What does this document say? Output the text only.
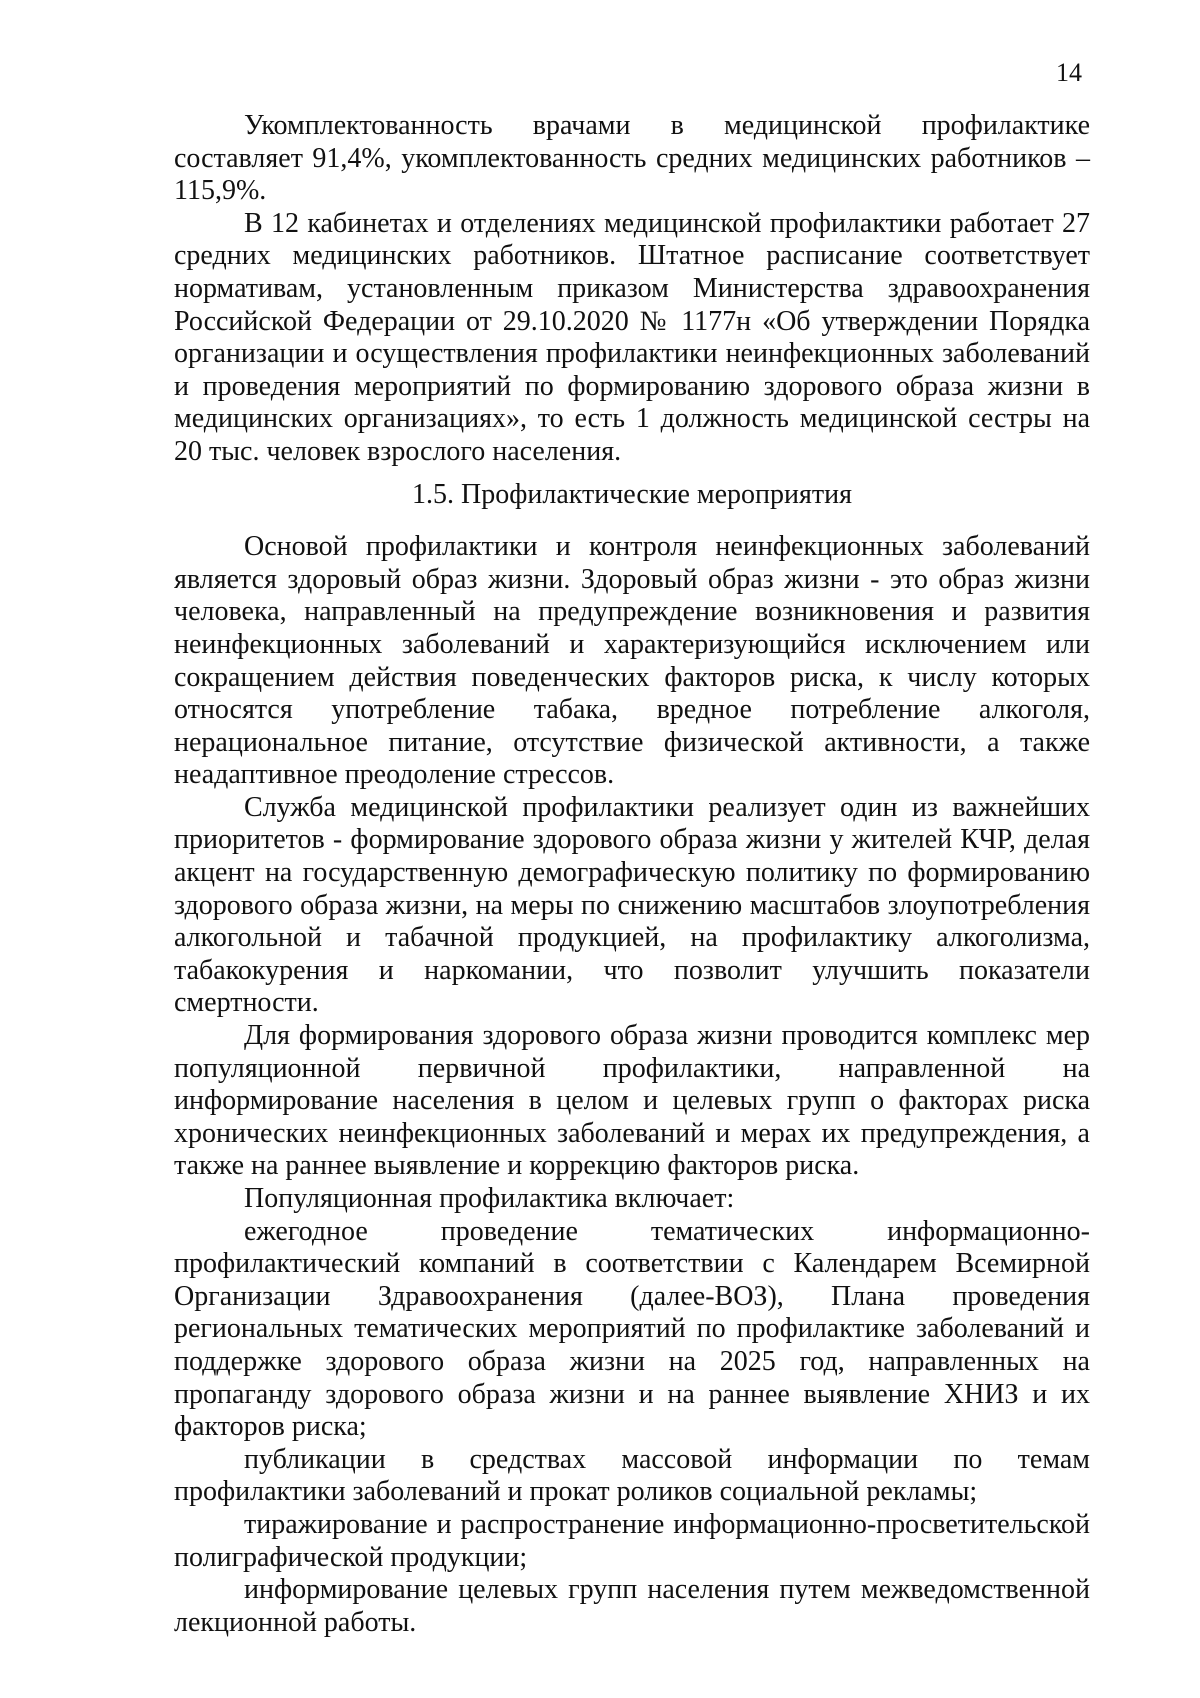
14

Укомплектованность врачами в медицинской профилактике составляет 91,4%, укомплектованность средних медицинских работников – 115,9%.

В 12 кабинетах и отделениях медицинской профилактики работает 27 средних медицинских работников. Штатное расписание соответствует нормативам, установленным приказом Министерства здравоохранения Российской Федерации от 29.10.2020 № 1177н «Об утверждении Порядка организации и осуществления профилактики неинфекционных заболеваний и проведения мероприятий по формированию здорового образа жизни в медицинских организациях», то есть 1 должность медицинской сестры на 20 тыс. человек взрослого населения.

1.5. Профилактические мероприятия

Основой профилактики и контроля неинфекционных заболеваний является здоровый образ жизни. Здоровый образ жизни - это образ жизни человека, направленный на предупреждение возникновения и развития неинфекционных заболеваний и характеризующийся исключением или сокращением действия поведенческих факторов риска, к числу которых относятся употребление табака, вредное потребление алкоголя, нерациональное питание, отсутствие физической активности, а также неадаптивное преодоление стрессов.

Служба медицинской профилактики реализует один из важнейших приоритетов - формирование здорового образа жизни у жителей КЧР, делая акцент на государственную демографическую политику по формированию здорового образа жизни, на меры по снижению масштабов злоупотребления алкогольной и табачной продукцией, на профилактику алкоголизма, табакокурения и наркомании, что позволит улучшить показатели смертности.

Для формирования здорового образа жизни проводится комплекс мер популяционной первичной профилактики, направленной на информирование населения в целом и целевых групп о факторах риска хронических неинфекционных заболеваний и мерах их предупреждения, а также на раннее выявление и коррекцию факторов риска.

Популяционная профилактика включает:

ежегодное проведение тематических информационно-профилактический компаний в соответствии с Календарем Всемирной Организации Здравоохранения (далее-ВОЗ), Плана проведения региональных тематических мероприятий по профилактике заболеваний и поддержке здорового образа жизни на 2025 год, направленных на пропаганду здорового образа жизни и на раннее выявление ХНИЗ и их факторов риска;

публикации в средствах массовой информации по темам профилактики заболеваний и прокат роликов социальной рекламы;

тиражирование и распространение информационно-просветительской полиграфической продукции;

информирование целевых групп населения путем межведомственной лекционной работы.
